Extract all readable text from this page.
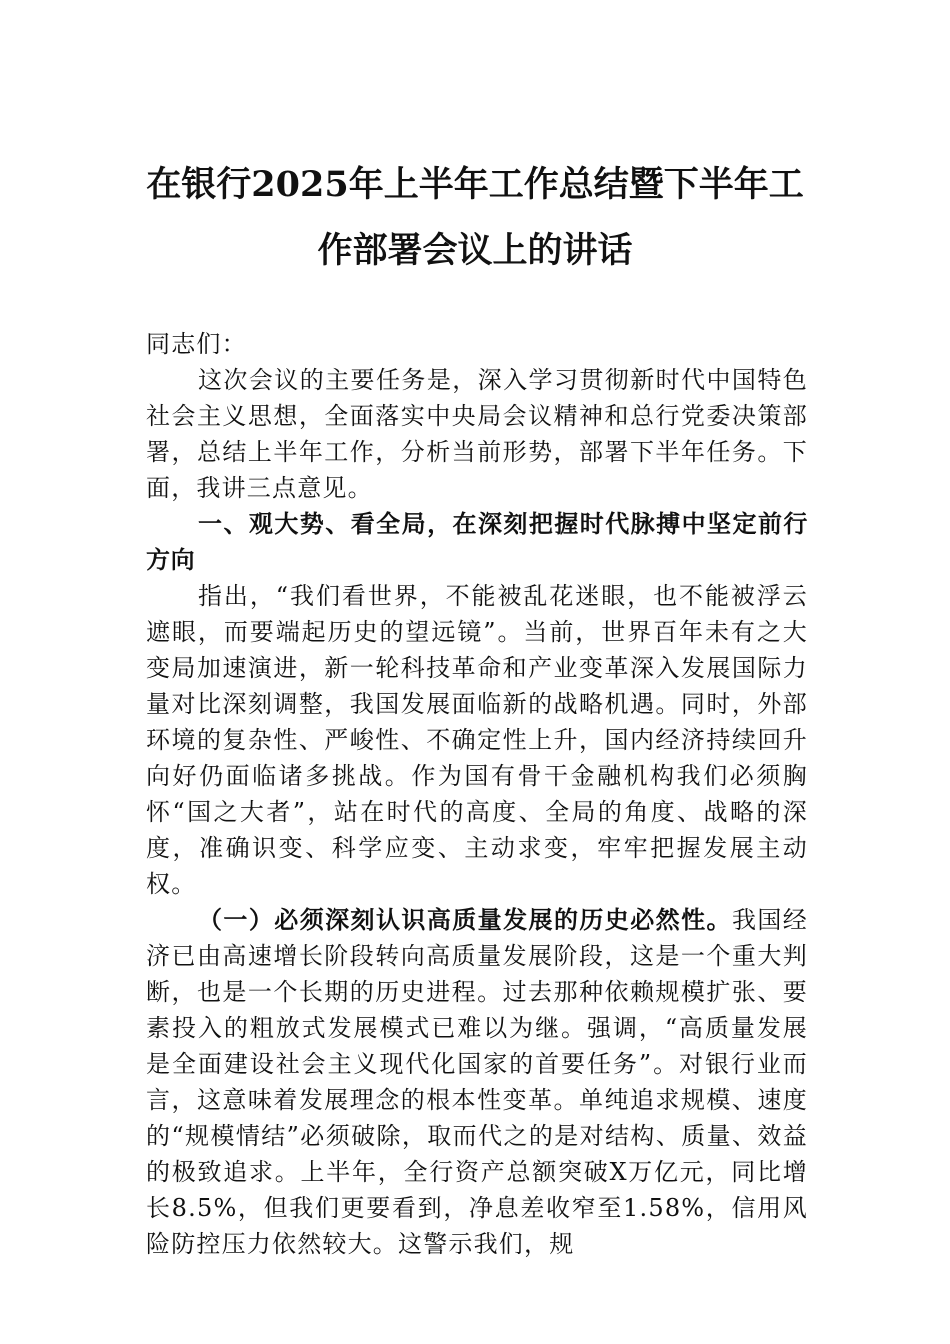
在银行2025年上半年工作总结暨下半年工作部署会议上的讲话

同志们：

这次会议的主要任务是，深入学习贯彻新时代中国特色社会主义思想，全面落实中央局会议精神和总行党委决策部署，总结上半年工作，分析当前形势，部署下半年任务。下面，我讲三点意见。

一、观大势、看全局，在深刻把握时代脉搏中坚定前行方向

指出，“我们看世界，不能被乱花迷眼，也不能被浮云遮眼，而要端起历史的望远镜”。当前，世界百年未有之大变局加速演进，新一轮科技革命和产业变革深入发展国际力量对比深刻调整，我国发展面临新的战略机遇。同时，外部环境的复杂性、严峻性、不确定性上升，国内经济持续回升向好仍面临诸多挑战。作为国有骨干金融机构我们必须胸怀“国之大者”，站在时代的高度、全局的角度、战略的深度，准确识变、科学应变、主动求变，牢牢把握发展主动权。

（一）必须深刻认识高质量发展的历史必然性。我国经济已由高速增长阶段转向高质量发展阶段，这是一个重大判断，也是一个长期的历史进程。过去那种依赖规模扩张、要素投入的粗放式发展模式已难以为继。强调，“高质量发展是全面建设社会主义现代化国家的首要任务”。对银行业而言，这意味着发展理念的根本性变革。单纯追求规模、速度的“规模情结”必须破除，取而代之的是对结构、质量、效益的极致追求。上半年，全行资产总额突破X万亿元，同比增长8.5%，但我们更要看到，净息差收窄至1.58%，信用风险防控压力依然较大。这警示我们，规
